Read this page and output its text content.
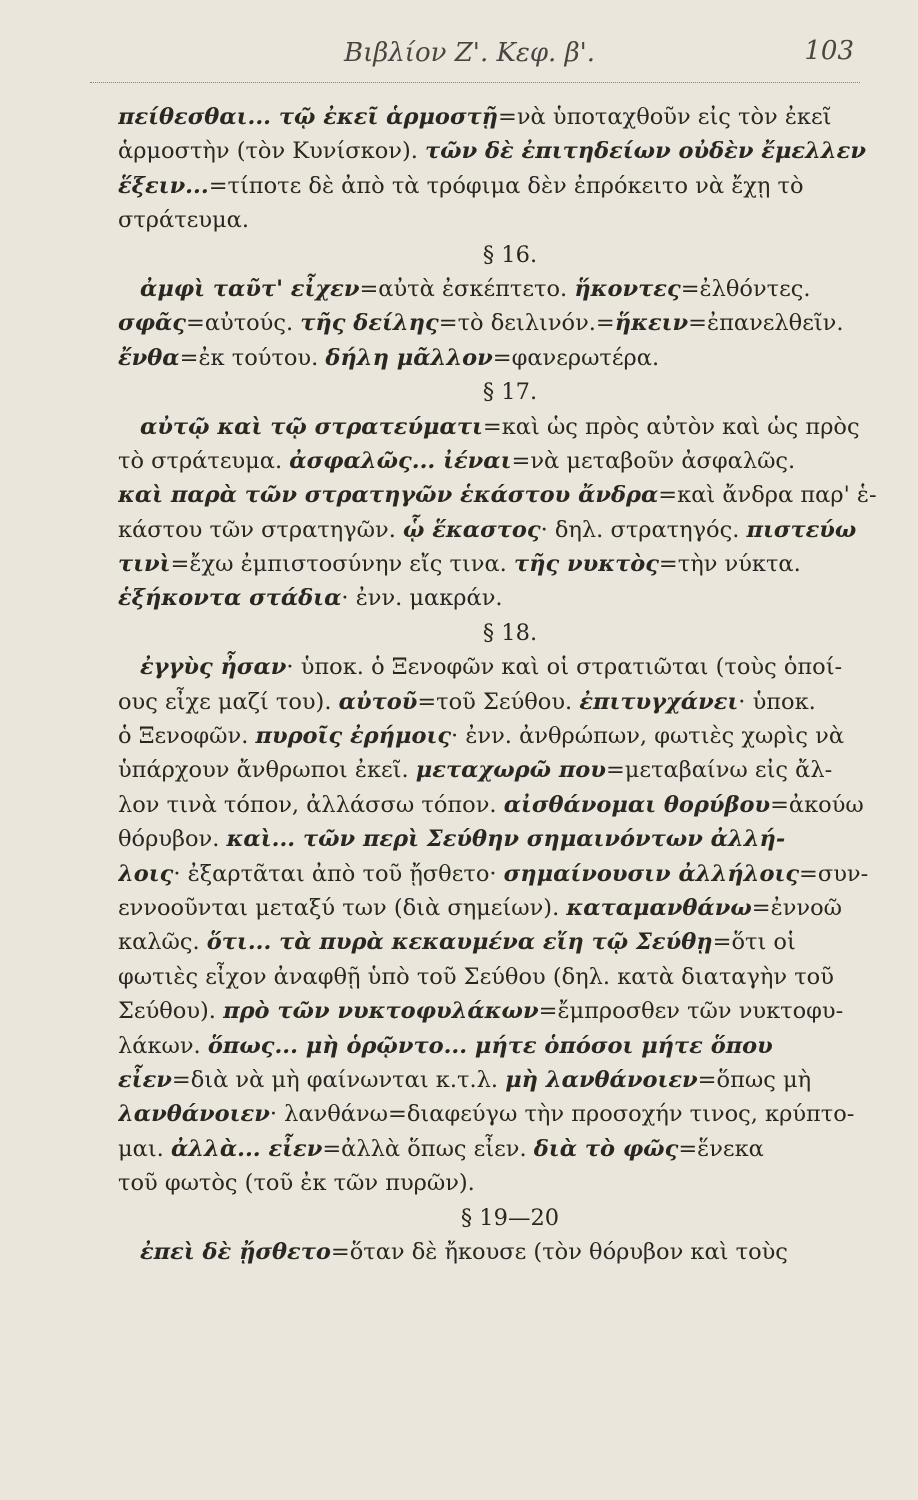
Βιβλίον Ζ'. Κεφ. β'.	103
πείθεσθαι... τῷ ἐκεῖ ἁρμοστῇ=νὰ ὑποταχθοῦν εἰς τὸν ἐκεῖ
ἁρμοστὴν (τὸν Κυνίσκον). τῶν δὲ ἐπιτηδείων οὐδὲν ἔμελλεν
ἕξειν...=τίποτε δὲ ἀπὸ τὰ τρόφιμα δὲν ἐπρόκειτο νὰ ἔχῃ τὸ
στράτευμα.
§ 16.
ἀμφὶ ταῦτ' εἶχεν=αὐτὰ ἐσκέπτετο. ἥκοντες=ἐλθόντες.
σφᾶς=αὐτούς. τῆς δείλης=τὸ δειλινόν.=ἥκειν=ἐπανελθεῖν.
ἔνθα=ἐκ τούτου. δήλη μᾶλλον=φανερωτέρα.
§ 17.
αὐτῷ καὶ τῷ στρατεύματι=καὶ ὡς πρὸς αὐτὸν καὶ ὡς πρὸς
τὸ στράτευμα. ἀσφαλῶς... ἰέναι=νὰ μεταβοῦν ἀσφαλῶς.
καὶ παρὰ τῶν στρατηγῶν ἑκάστου ἄνδρα=καὶ ἄνδρα παρ' ἑ-
κάστου τῶν στρατηγῶν. ᾧ ἕκαστος· δηλ. στρατηγός. πιστεύω
τινὶ=ἔχω ἐμπιστοσύνην εἴς τινα. τῆς νυκτὸς=τὴν νύκτα.
ἑξήκοντα στάδια· ἐνν. μακράν.
§ 18.
ἐγγὺς ἦσαν· ὑποκ. ὁ Ξενοφῶν καὶ οἱ στρατιῶται (τοὺς ὁποί-
ους εἶχε μαζί του). αὐτοῦ=τοῦ Σεύθου. ἐπιτυγχάνει· ὑποκ.
ὁ Ξενοφῶν. πυροῖς ἐρήμοις· ἐνν. ἀνθρώπων, φωτιὲς χωρὶς νὰ
ὑπάρχουν ἄνθρωποι ἐκεῖ. μεταχωρῶ που=μεταβαίνω εἰς ἄλ-
λον τινὰ τόπον, ἀλλάσσω τόπον. αἰσθάνομαι θορύβου=ἀκούω
θόρυβον. καὶ... τῶν περὶ Σεύθην σημαινόντων ἀλλή-
λοις· ἐξαρτᾶται ἀπὸ τοῦ ᾔσθετο· σημαίνουσιν ἀλλήλοις=συν-
εννοοῦνται μεταξύ των (διὰ σημείων). καταμανθάνω=ἐννοῶ
καλῶς. ὅτι... τὰ πυρὰ κεκαυμένα εἴη τῷ Σεύθῃ=ὅτι οἱ
φωτιὲς εἶχον ἀναφθῇ ὑπὸ τοῦ Σεύθου (δηλ. κατὰ διαταγὴν τοῦ
Σεύθου). πρὸ τῶν νυκτοφυλάκων=ἔμπροσθεν τῶν νυκτοφυ-
λάκων. ὅπως... μὴ ὁρῷντο... μήτε ὁπόσοι μήτε ὅπου
εἶεν=διὰ νὰ μὴ φαίνωνται κ.τ.λ. μὴ λανθάνοιεν=ὅπως μὴ
λανθάνοιεν· λανθάνω=διαφεύγω τὴν προσοχήν τινος, κρύπτο-
μαι. ἀλλὰ... εἶεν=ἀλλὰ ὅπως εἶεν. διὰ τὸ φῶς=ἕνεκα
τοῦ φωτὸς (τοῦ ἐκ τῶν πυρῶν).
§ 19—20
ἐπεὶ δὲ ᾔσθετο=ὅταν δὲ ἤκουσε (τὸν θόρυβον καὶ τοὺς
